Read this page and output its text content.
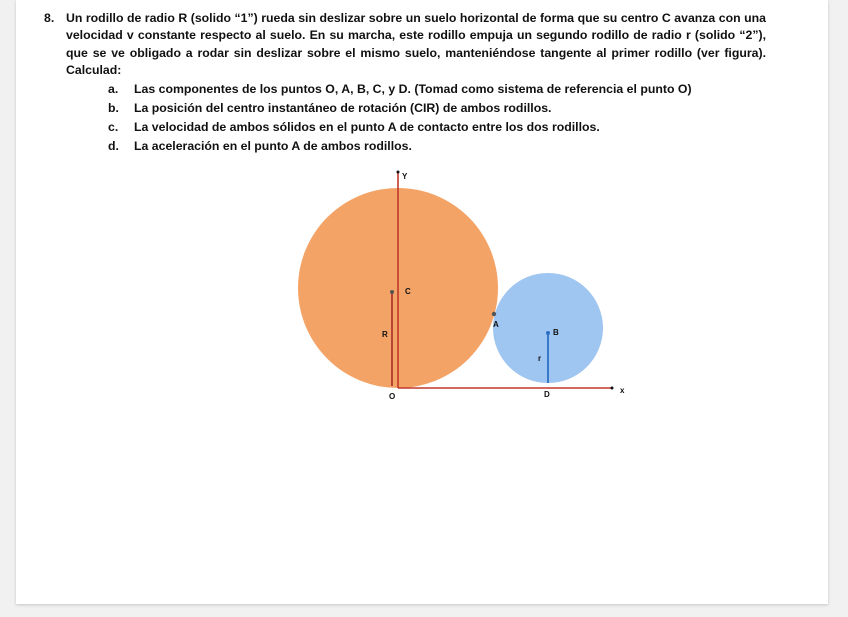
8. Un rodillo de radio R (solido “1”) rueda sin deslizar sobre un suelo horizontal de forma que su centro C avanza con una velocidad v constante respecto al suelo. En su marcha, este rodillo empuja un segundo rodillo de radio r (solido “2”), que se ve obligado a rodar sin deslizar sobre el mismo suelo, manteniéndose tangente al primer rodillo (ver figura). Calculad:
a. Las componentes de los puntos O, A, B, C, y D. (Tomad como sistema de referencia el punto O)
b. La posición del centro instantáneo de rotación (CIR) de ambos rodillos.
c. La velocidad de ambos sólidos en el punto A de contacto entre los dos rodillos.
d. La aceleración en el punto A de ambos rodillos.
Y
x
C
R
O
A
B
r
D
